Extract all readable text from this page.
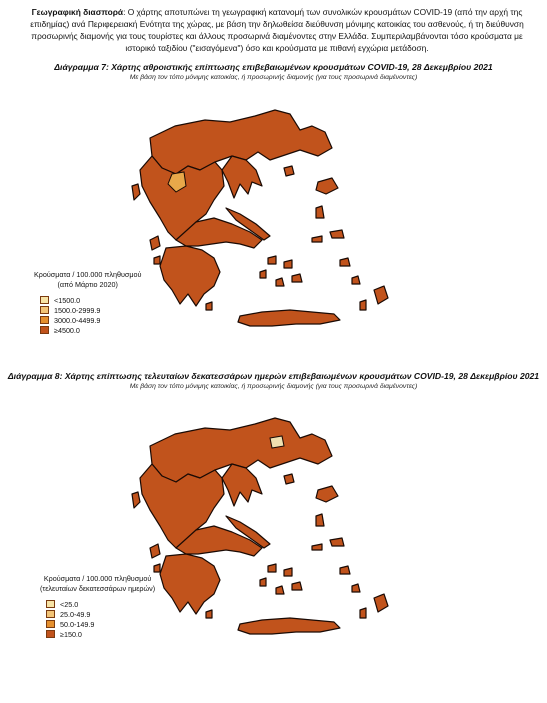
Γεωγραφική διασπορά: Ο χάρτης αποτυπώνει τη γεωγραφική κατανομή των συνολικών κρουσμάτων COVID-19 (από την αρχή της επιδημίας) ανά Περιφερειακή Ενότητα της χώρας, με βάση την δηλωθείσα διεύθυνση μόνιμης κατοικίας του ασθενούς, ή τη διεύθυνση προσωρινής διαμονής για τους τουρίστες και άλλους προσωρινά διαμένοντες στην Ελλάδα. Συμπεριλαμβάνονται τόσο κρούσματα με ιστορικό ταξιδίου ("εισαγόμενα") όσο και κρούσματα με πιθανή εγχώρια μετάδοση.
Διάγραμμα 7: Χάρτης αθροιστικής επίπτωσης επιβεβαιωμένων κρουσμάτων COVID-19, 28 Δεκεμβρίου 2021
Με βάση τον τόπο μόνιμης κατοικίας, ή προσωρινής διαμονής (για τους προσωρινά διαμένοντες)
Κρούσματα / 100.000 πληθυσμού
(από Μάρτιο 2020)
<1500.0
1500.0-2999.9
3000.0-4499.9
≥4500.0
Διάγραμμα 8: Χάρτης επίπτωσης τελευταίων δεκατεσσάρων ημερών επιβεβαιωμένων κρουσμάτων COVID-19, 28 Δεκεμβρίου 2021
Με βάση τον τόπο μόνιμης κατοικίας, ή προσωρινής διαμονής (για τους προσωρινά διαμένοντες)
Κρούσματα / 100.000 πληθυσμού
(τελευταίων δεκατεσσάρων ημερών)
<25.0
25.0-49.9
50.0-149.9
≥150.0
